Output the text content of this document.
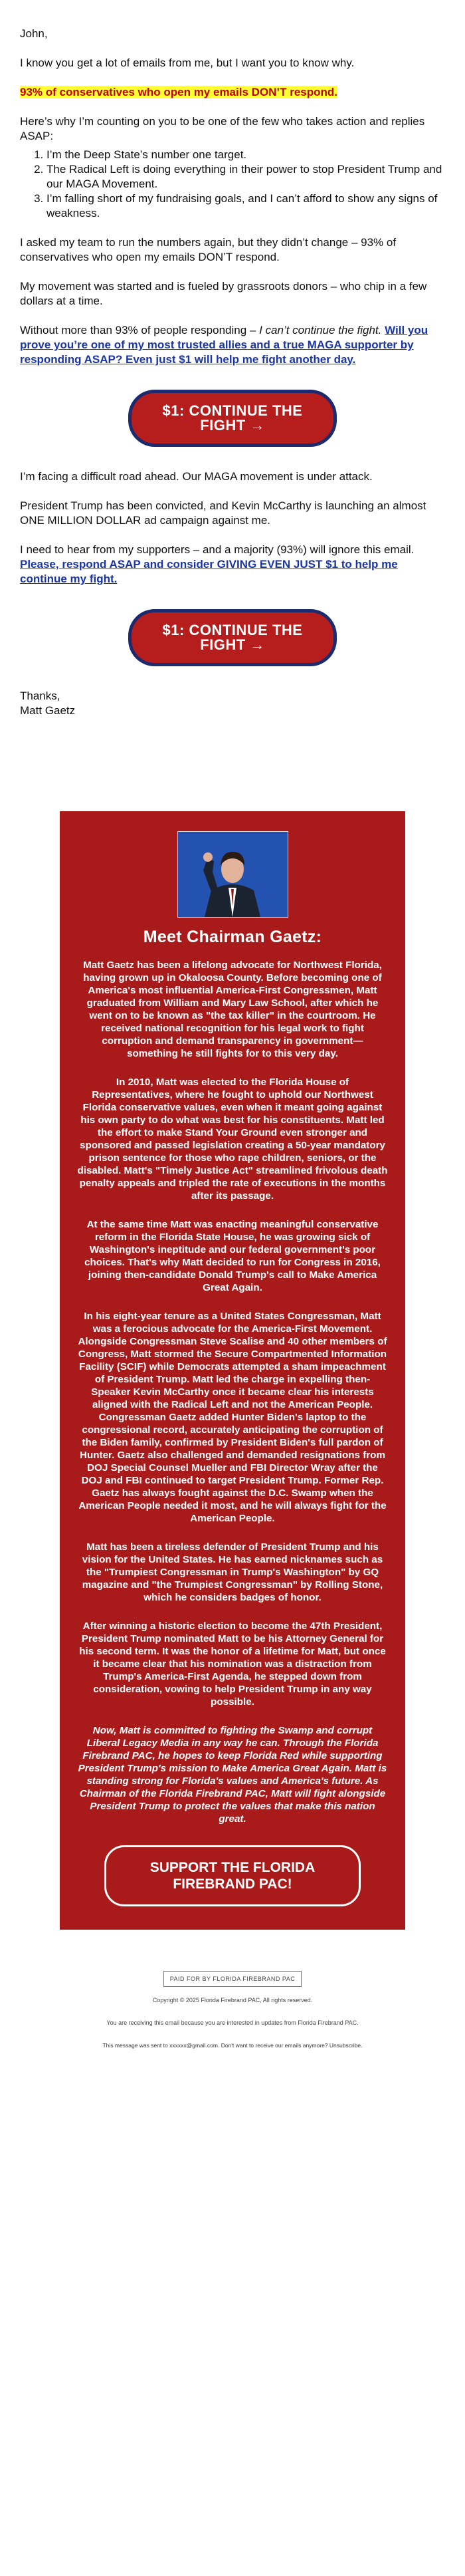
John,

I know you get a lot of emails from me, but I want you to know why.

93% of conservatives who open my emails DON’T respond.

Here’s why I’m counting on you to be one of the few who takes action and replies ASAP:

1. I’m the Deep State’s number one target.
2. The Radical Left is doing everything in their power to stop President Trump and our MAGA Movement.
3. I’m falling short of my fundraising goals, and I can’t afford to show any signs of weakness.

I asked my team to run the numbers again, but they didn’t change – 93% of conservatives who open my emails DON’T respond.

My movement was started and is fueled by grassroots donors – who chip in a few dollars at a time.

Without more than 93% of people responding – I can’t continue the fight. Will you prove you’re one of my most trusted allies and a true MAGA supporter by responding ASAP? Even just $1 will help me fight another day.

$1: CONTINUE THE FIGHT →

I’m facing a difficult road ahead. Our MAGA movement is under attack.

President Trump has been convicted, and Kevin McCarthy is launching an almost ONE MILLION DOLLAR ad campaign against me.

I need to hear from my supporters – and a majority (93%) will ignore this email. Please, respond ASAP and consider GIVING EVEN JUST $1 to help me continue my fight.

$1: CONTINUE THE FIGHT →

Thanks,
Matt Gaetz

Meet Chairman Gaetz:

Matt Gaetz has been a lifelong advocate for Northwest Florida, having grown up in Okaloosa County. Before becoming one of America's most influential America-First Congressmen, Matt graduated from William and Mary Law School, after which he went on to be known as "the tax killer" in the courtroom. He received national recognition for his legal work to fight corruption and demand transparency in government—something he still fights for to this very day.

In 2010, Matt was elected to the Florida House of Representatives, where he fought to uphold our Northwest Florida conservative values, even when it meant going against his own party to do what was best for his constituents. Matt led the effort to make Stand Your Ground even stronger and sponsored and passed legislation creating a 50-year mandatory prison sentence for those who rape children, seniors, or the disabled. Matt's "Timely Justice Act" streamlined frivolous death penalty appeals and tripled the rate of executions in the months after its passage.

At the same time Matt was enacting meaningful conservative reform in the Florida State House, he was growing sick of Washington's ineptitude and our federal government's poor choices. That's why Matt decided to run for Congress in 2016, joining then-candidate Donald Trump's call to Make America Great Again.

In his eight-year tenure as a United States Congressman, Matt was a ferocious advocate for the America-First Movement. Alongside Congressman Steve Scalise and 40 other members of Congress, Matt stormed the Secure Compartmented Information Facility (SCIF) while Democrats attempted a sham impeachment of President Trump. Matt led the charge in expelling then-Speaker Kevin McCarthy once it became clear his interests aligned with the Radical Left and not the American People. Congressman Gaetz added Hunter Biden's laptop to the congressional record, accurately anticipating the corruption of the Biden family, confirmed by President Biden's full pardon of Hunter. Gaetz also challenged and demanded resignations from DOJ Special Counsel Mueller and FBI Director Wray after the DOJ and FBI continued to target President Trump. Former Rep. Gaetz has always fought against the D.C. Swamp when the American People needed it most, and he will always fight for the American People.

Matt has been a tireless defender of President Trump and his vision for the United States. He has earned nicknames such as the "Trumpiest Congressman in Trump's Washington" by GQ magazine and "the Trumpiest Congressman" by Rolling Stone, which he considers badges of honor.

After winning a historic election to become the 47th President, President Trump nominated Matt to be his Attorney General for his second term. It was the honor of a lifetime for Matt, but once it became clear that his nomination was a distraction from Trump's America-First Agenda, he stepped down from consideration, vowing to help President Trump in any way possible.

Now, Matt is committed to fighting the Swamp and corrupt Liberal Legacy Media in any way he can. Through the Florida Firebrand PAC, he hopes to keep Florida Red while supporting President Trump's mission to Make America Great Again. Matt is standing strong for Florida's values and America's future. As Chairman of the Florida Firebrand PAC, Matt will fight alongside President Trump to protect the values that make this nation great.

SUPPORT THE FLORIDA FIREBRAND PAC!
PAID FOR BY FLORIDA FIREBRAND PAC

Copyright © 2025 Florida Firebrand PAC, All rights reserved.

You are receiving this email because you are interested in updates from Florida Firebrand PAC.

This message was sent to xxxxxx@gmail.com. Don't want to receive our emails anymore? Unsubscribe.
